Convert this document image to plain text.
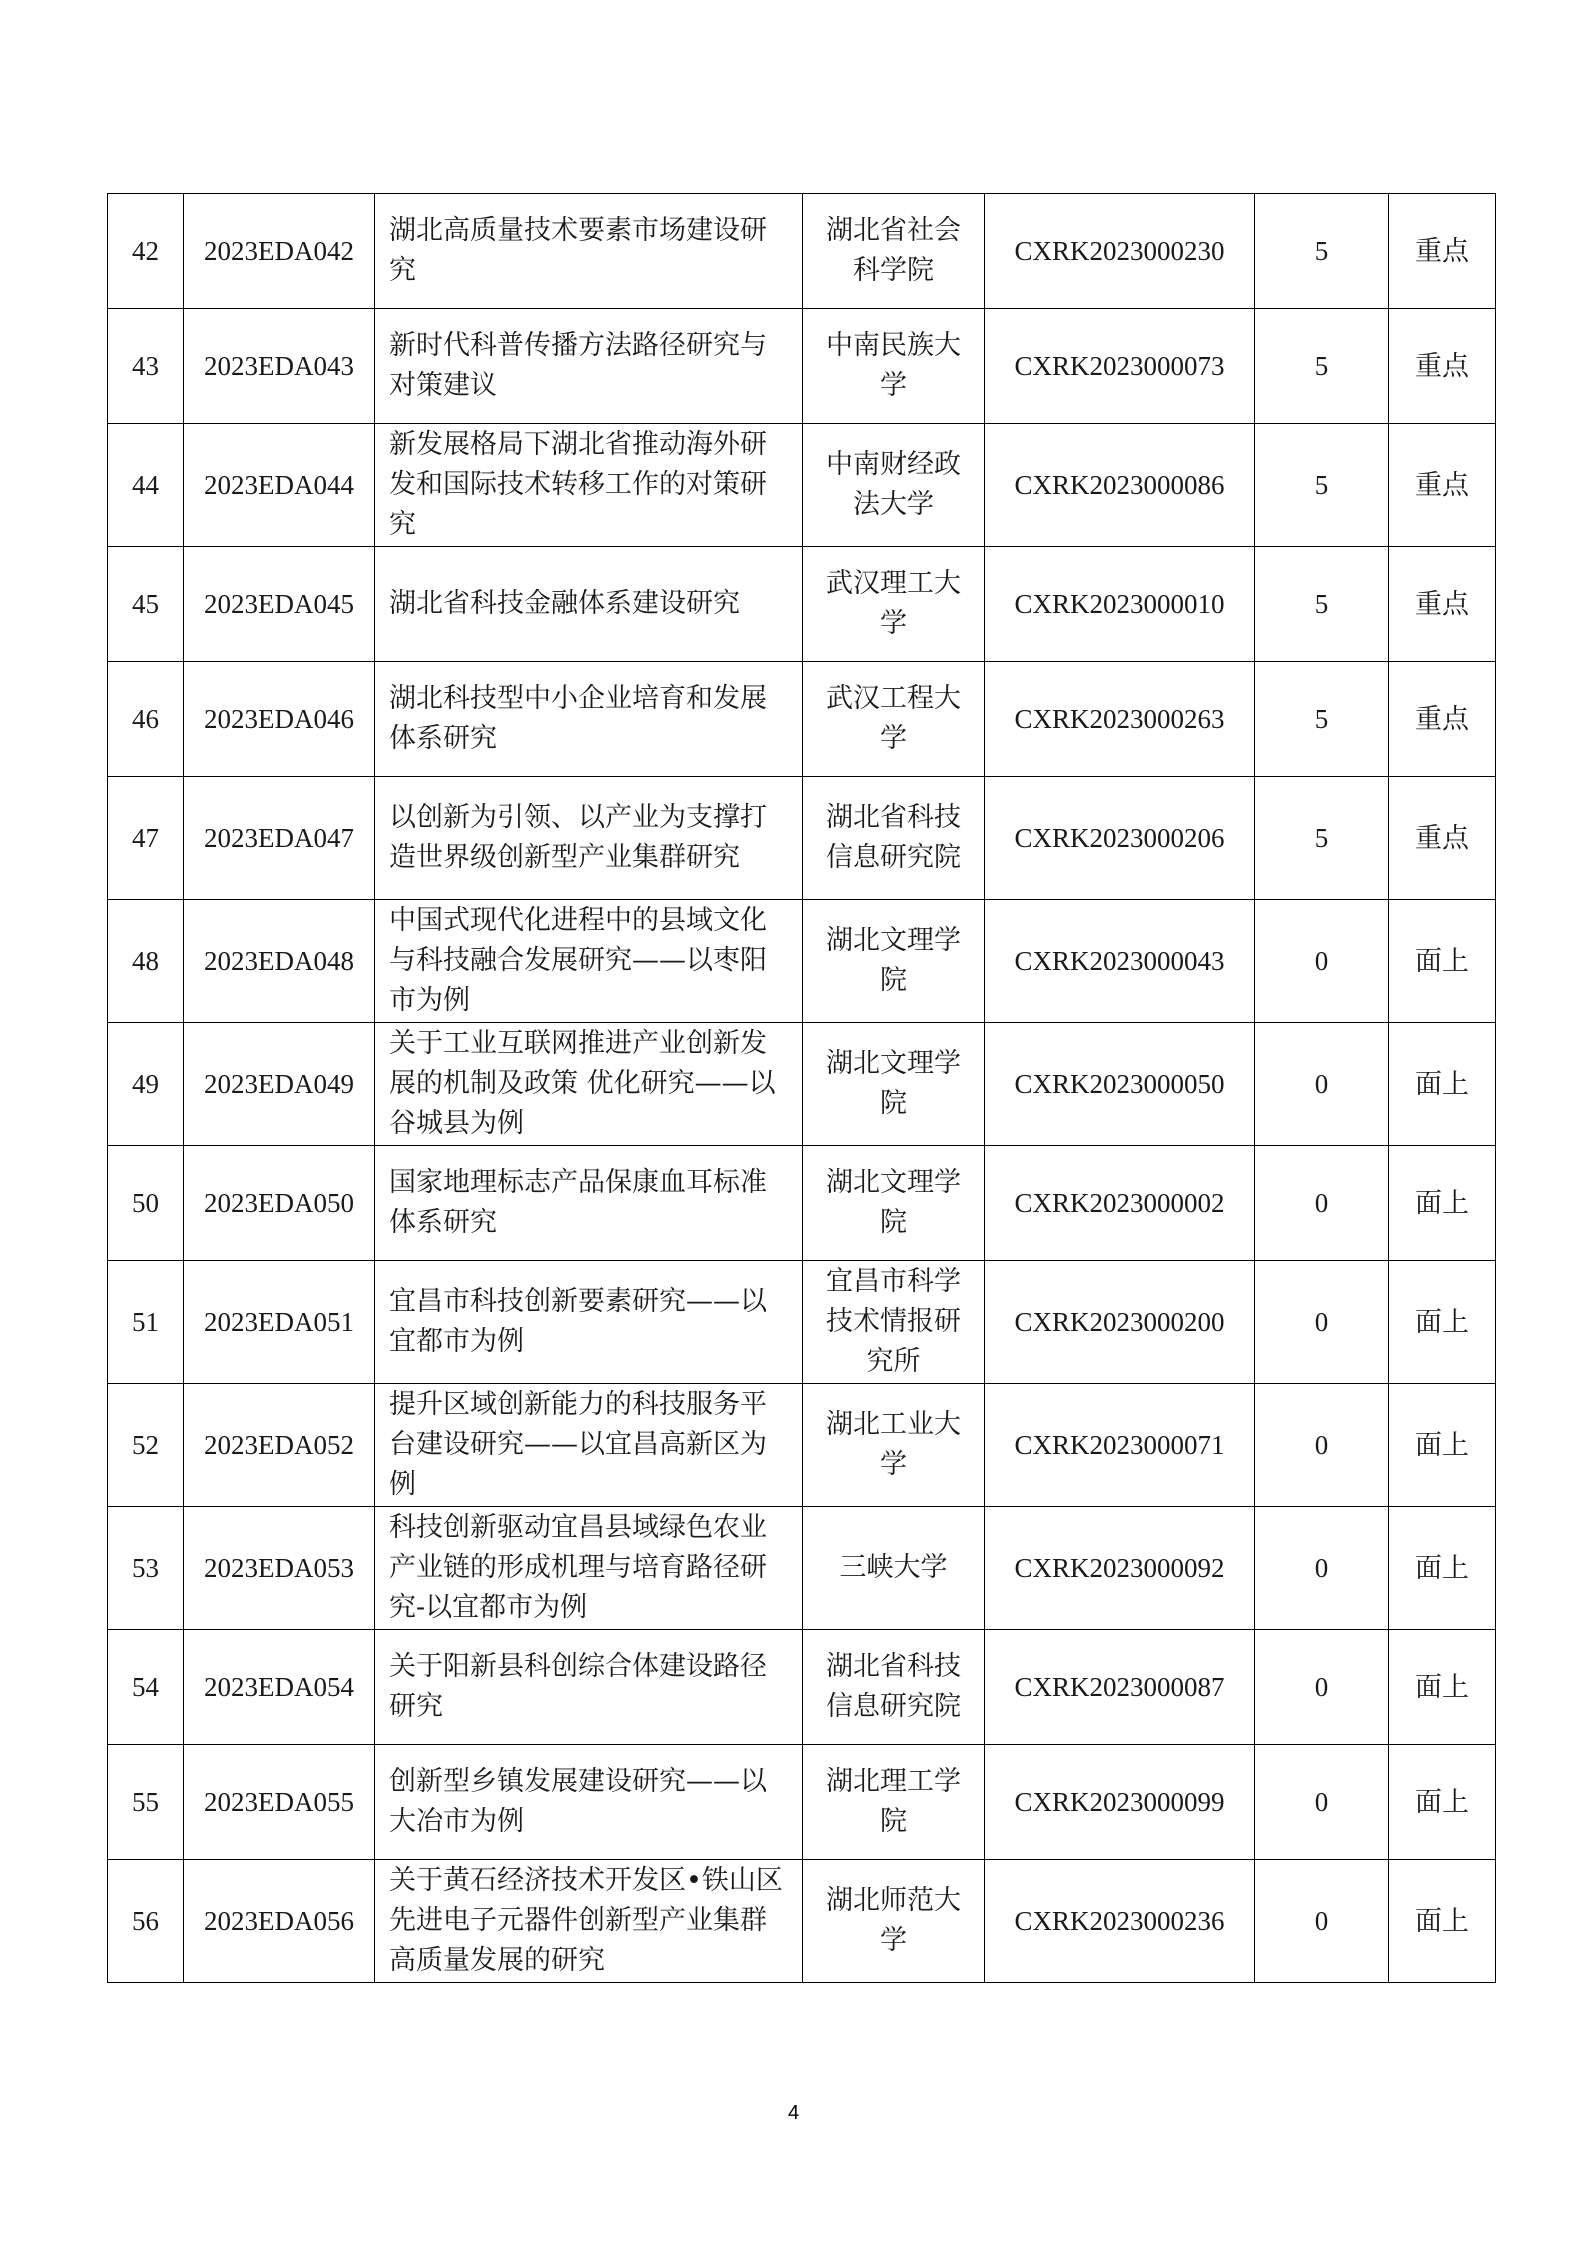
42	2023EDA042	湖北高质量技术要素市场建设研究	湖北省社会科学院	CXRK2023000230	5	重点
43	2023EDA043	新时代科普传播方法路径研究与对策建议	中南民族大学	CXRK2023000073	5	重点
44	2023EDA044	新发展格局下湖北省推动海外研发和国际技术转移工作的对策研究	中南财经政法大学	CXRK2023000086	5	重点
45	2023EDA045	湖北省科技金融体系建设研究	武汉理工大学	CXRK2023000010	5	重点
46	2023EDA046	湖北科技型中小企业培育和发展体系研究	武汉工程大学	CXRK2023000263	5	重点
47	2023EDA047	以创新为引领、以产业为支撑打造世界级创新型产业集群研究	湖北省科技信息研究院	CXRK2023000206	5	重点
48	2023EDA048	中国式现代化进程中的县域文化与科技融合发展研究——以枣阳市为例	湖北文理学院	CXRK2023000043	0	面上
49	2023EDA049	关于工业互联网推进产业创新发展的机制及政策 优化研究——以谷城县为例	湖北文理学院	CXRK2023000050	0	面上
50	2023EDA050	国家地理标志产品保康血耳标准体系研究	湖北文理学院	CXRK2023000002	0	面上
51	2023EDA051	宜昌市科技创新要素研究——以宜都市为例	宜昌市科学技术情报研究所	CXRK2023000200	0	面上
52	2023EDA052	提升区域创新能力的科技服务平台建设研究——以宜昌高新区为例	湖北工业大学	CXRK2023000071	0	面上
53	2023EDA053	科技创新驱动宜昌县域绿色农业产业链的形成机理与培育路径研究-以宜都市为例	三峡大学	CXRK2023000092	0	面上
54	2023EDA054	关于阳新县科创综合体建设路径研究	湖北省科技信息研究院	CXRK2023000087	0	面上
55	2023EDA055	创新型乡镇发展建设研究——以大冶市为例	湖北理工学院	CXRK2023000099	0	面上
56	2023EDA056	关于黄石经济技术开发区•铁山区先进电子元器件创新型产业集群高质量发展的研究	湖北师范大学	CXRK2023000236	0	面上
4
